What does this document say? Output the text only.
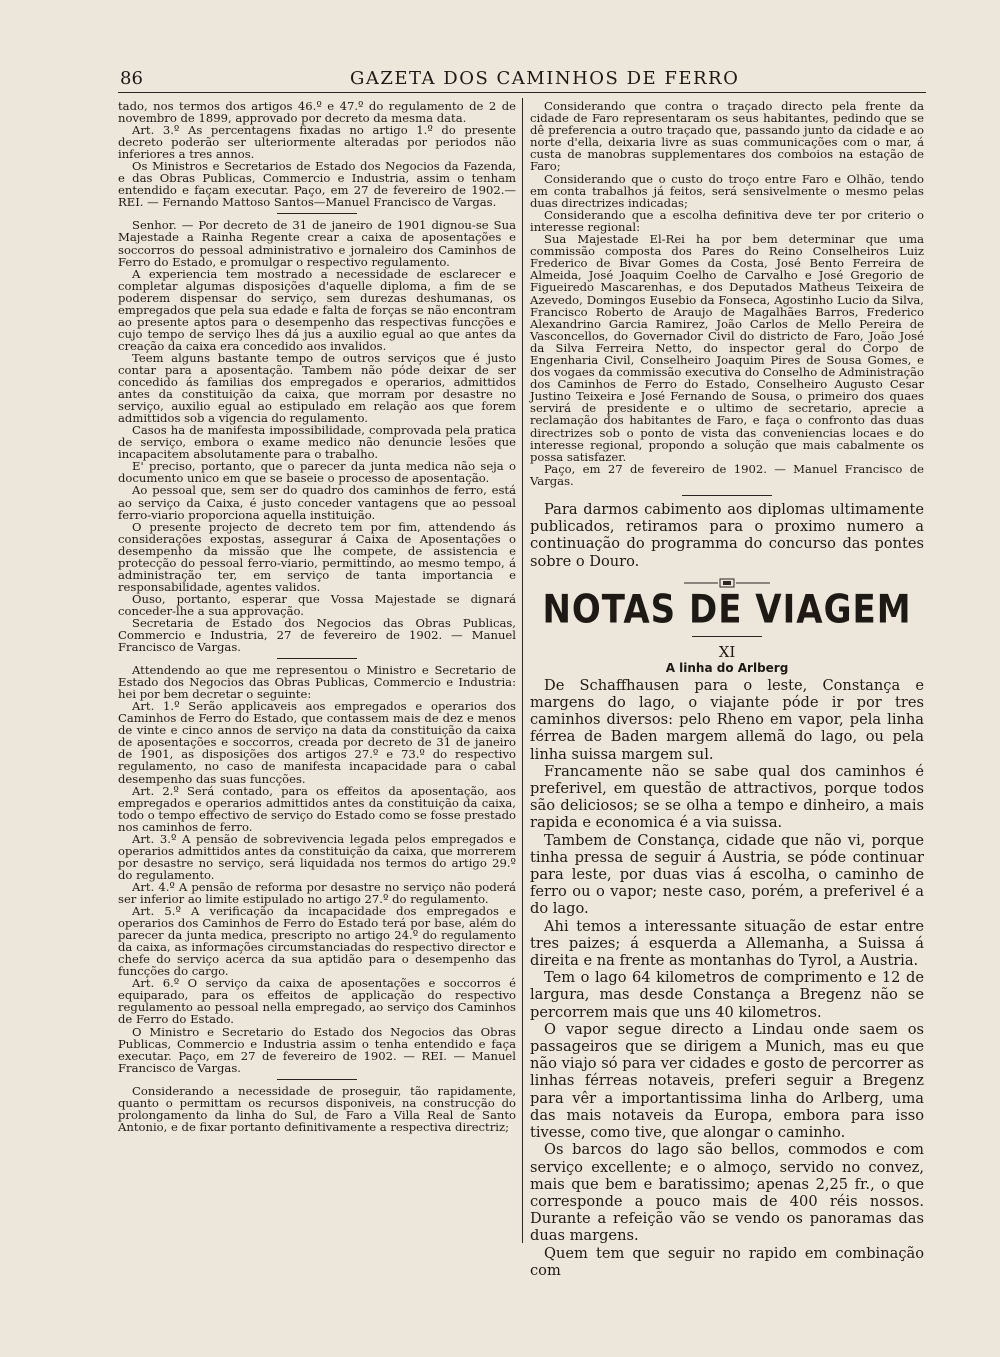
86	GAZETA DOS CAMINHOS DE FERRO

tado, nos termos dos artigos 46.º e 47.º do regulamento de 2 de novembro de 1899, approvado por decreto da mesma data.

Art. 3.º As percentagens fixadas no artigo 1.º do presente decreto poderão ser ulteriormente alteradas por periodos não inferiores a tres annos.

Os Ministros e Secretarios de Estado dos Negocios da Fazenda, e das Obras Publicas, Commercio e Industria, assim o tenham entendido e façam executar. Paço, em 27 de fevereiro de 1902.— REI. — Fernando Mattoso Santos—Manuel Francisco de Vargas.

Senhor. — Por decreto de 31 de janeiro de 1901 dignou-se Sua Majestade a Rainha Regente crear a caixa de aposentações e soccorros do pessoal administrativo e jornaleiro dos Caminhos de Ferro do Estado, e promulgar o respectivo regulamento.

A experiencia tem mostrado a necessidade de esclarecer e completar algumas disposições d'aquelle diploma, a fim de se poderem dispensar do serviço, sem durezas deshumanas, os empregados que pela sua edade e falta de forças se não encontram ao presente aptos para o desempenho das respectivas funcções e cujo tempo de serviço lhes dá jus a auxilio egual ao que antes da creação da caixa era concedido aos invalidos.

Teem alguns bastante tempo de outros serviços que é justo contar para a aposentação. Tambem não póde deixar de ser concedido ás familias dos empregados e operarios, admittidos antes da constituição da caixa, que morram por desastre no serviço, auxilio egual ao estipulado em relação aos que forem admittidos sob a vigencia do regulamento.

Casos ha de manifesta impossibilidade, comprovada pela pratica de serviço, embora o exame medico não denuncie lesões que incapacitem absolutamente para o trabalho.

E' preciso, portanto, que o parecer da junta medica não seja o documento unico em que se baseie o processo de aposentação.

Ao pessoal que, sem ser do quadro dos caminhos de ferro, está ao serviço da Caixa, é justo conceder vantagens que ao pessoal ferro-viario proporciona aquella instituição.

O presente projecto de decreto tem por fim, attendendo ás considerações expostas, assegurar á Caixa de Aposentações o desempenho da missão que lhe compete, de assistencia e protecção do pessoal ferro-viario, permittindo, ao mesmo tempo, á administração ter, em serviço de tanta importancia e responsabilidade, agentes validos.

Ouso, portanto, esperar que Vossa Majestade se dignará conceder-lhe a sua approvação.

Secretaria de Estado dos Negocios das Obras Publicas, Commercio e Industria, 27 de fevereiro de 1902. — Manuel Francisco de Vargas.

Attendendo ao que me representou o Ministro e Secretario de Estado dos Negocios das Obras Publicas, Commercio e Industria: hei por bem decretar o seguinte:

Art. 1.º Serão applicaveis aos empregados e operarios dos Caminhos de Ferro do Estado, que contassem mais de dez e menos de vinte e cinco annos de serviço na data da constituição da caixa de aposentações e soccorros, creada por decreto de 31 de janeiro de 1901, as disposições dos artigos 27.º e 73.º do respectivo regulamento, no caso de manifesta incapacidade para o cabal desempenho das suas funcções.

Art. 2.º Será contado, para os effeitos da aposentação, aos empregados e operarios admittidos antes da constituição da caixa, todo o tempo effectivo de serviço do Estado como se fosse prestado nos caminhos de ferro.

Art. 3.º A pensão de sobrevivencia legada pelos empregados e operarios admittidos antes da constituição da caixa, que morrerem por desastre no serviço, será liquidada nos termos do artigo 29.º do regulamento.

Art. 4.º A pensão de reforma por desastre no serviço não poderá ser inferior ao limite estipulado no artigo 27.º do regulamento.

Art. 5.º A verificação da incapacidade dos empregados e operarios dos Caminhos de Ferro do Estado terá por base, além do parecer da junta medica, prescripto no artigo 24.º do regulamento da caixa, as informações circumstanciadas do respectivo director e chefe do serviço acerca da sua aptidão para o desempenho das funcções do cargo.

Art. 6.º O serviço da caixa de aposentações e soccorros é equiparado, para os effeitos de applicação do respectivo regulamento ao pessoal nella empregado, ao serviço dos Caminhos de Ferro do Estado.

O Ministro e Secretario do Estado dos Negocios das Obras Publicas, Commercio e Industria assim o tenha entendido e faça executar. Paço, em 27 de fevereiro de 1902. — REI. — Manuel Francisco de Vargas.

Considerando a necessidade de proseguir, tão rapidamente, quanto o permittam os recursos disponiveis, na construcção do prolongamento da linha do Sul, de Faro a Villa Real de Santo Antonio, e de fixar portanto definitivamente a respectiva directriz;

Considerando que contra o traçado directo pela frente da cidade de Faro representaram os seus habitantes, pedindo que se dê preferencia a outro traçado que, passando junto da cidade e ao norte d'ella, deixaria livre as suas communicações com o mar, á custa de manobras supplementares dos comboios na estação de Faro;

Considerando que o custo do troço entre Faro e Olhão, tendo em conta trabalhos já feitos, será sensivelmente o mesmo pelas duas directrizes indicadas;

Considerando que a escolha definitiva deve ter por criterio o interesse regional:

Sua Majestade El-Rei ha por bem determinar que uma commissão composta dos Pares do Reino Conselheiros Luiz Frederico de Bivar Gomes da Costa, José Bento Ferreira de Almeida, José Joaquim Coelho de Carvalho e José Gregorio de Figueiredo Mascarenhas, e dos Deputados Matheus Teixeira de Azevedo, Domingos Eusebio da Fonseca, Agostinho Lucio da Silva, Francisco Roberto de Araujo de Magalhães Barros, Frederico Alexandrino Garcia Ramirez, João Carlos de Mello Pereira de Vasconcellos, do Governador Civil do districto de Faro, João José da Silva Ferreira Netto, do inspector geral do Corpo de Engenharia Civil, Conselheiro Joaquim Pires de Sousa Gomes, e dos vogaes da commissão executiva do Conselho de Administração dos Caminhos de Ferro do Estado, Conselheiro Augusto Cesar Justino Teixeira e José Fernando de Sousa, o primeiro dos quaes servirá de presidente e o ultimo de secretario, aprecie a reclamação dos habitantes de Faro, e faça o confronto das duas directrizes sob o ponto de vista das conveniencias locaes e do interesse regional, propondo a solução que mais cabalmente os possa satisfazer.

Paço, em 27 de fevereiro de 1902. — Manuel Francisco de Vargas.

Para darmos cabimento aos diplomas ultimamente publicados, retiramos para o proximo numero a continuação do programma do concurso das pontes sobre o Douro.

NOTAS DE VIAGEM
XI
A linha do Arlberg

De Schaffhausen para o leste, Constança e margens do lago, o viajante póde ir por tres caminhos diversos: pelo Rheno em vapor, pela linha férrea de Baden margem allemã do lago, ou pela linha suissa margem sul.

Francamente não se sabe qual dos caminhos é preferivel, em questão de attractivos, porque todos são deliciosos; se se olha a tempo e dinheiro, a mais rapida e economica é a via suissa.

Tambem de Constança, cidade que não vi, porque tinha pressa de seguir á Austria, se póde continuar para leste, por duas vias á escolha, o caminho de ferro ou o vapor; neste caso, porém, a preferivel é a do lago.

Ahi temos a interessante situação de estar entre tres paizes; á esquerda a Allemanha, a Suissa á direita e na frente as montanhas do Tyrol, a Austria.

Tem o lago 64 kilometros de comprimento e 12 de largura, mas desde Constança a Bregenz não se percorrem mais que uns 40 kilometros.

O vapor segue directo a Lindau onde saem os passageiros que se dirigem a Munich, mas eu que não viajo só para ver cidades e gosto de percorrer as linhas férreas notaveis, preferi seguir a Bregenz para vêr a importantissima linha do Arlberg, uma das mais notaveis da Europa, embora para isso tivesse, como tive, que alongar o caminho.

Os barcos do lago são bellos, commodos e com serviço excellente; e o almoço, servido no convez, mais que bem e baratissimo; apenas 2,25 fr., o que corresponde a pouco mais de 400 réis nossos. Durante a refeição vão se vendo os panoramas das duas margens.

Quem tem que seguir no rapido em combinação com
